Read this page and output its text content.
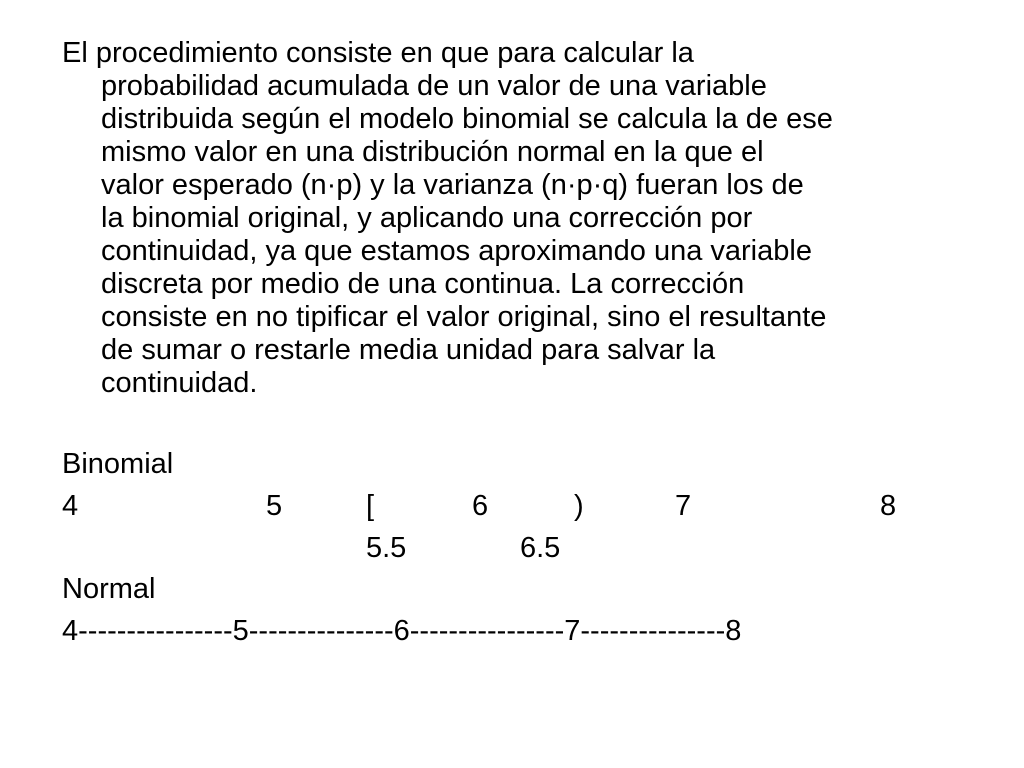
El procedimiento consiste en que para calcular la

probabilidad acumulada de un valor de una variable

distribuida según el modelo binomial se calcula la de ese

mismo valor en una distribución normal en la que el

valor esperado (n·p) y la varianza (n·p·q) fueran los de

la binomial original, y aplicando una corrección por

continuidad, ya que estamos aproximando una variable

discreta por medio de una continua. La corrección

consiste en no tipificar el valor original, sino el resultante

de sumar o restarle media unidad para salvar la

continuidad.

Binomial

4	5	[	6	)	7	8
5.5	6.5

Normal

4----------------5---------------6----------------7---------------8
